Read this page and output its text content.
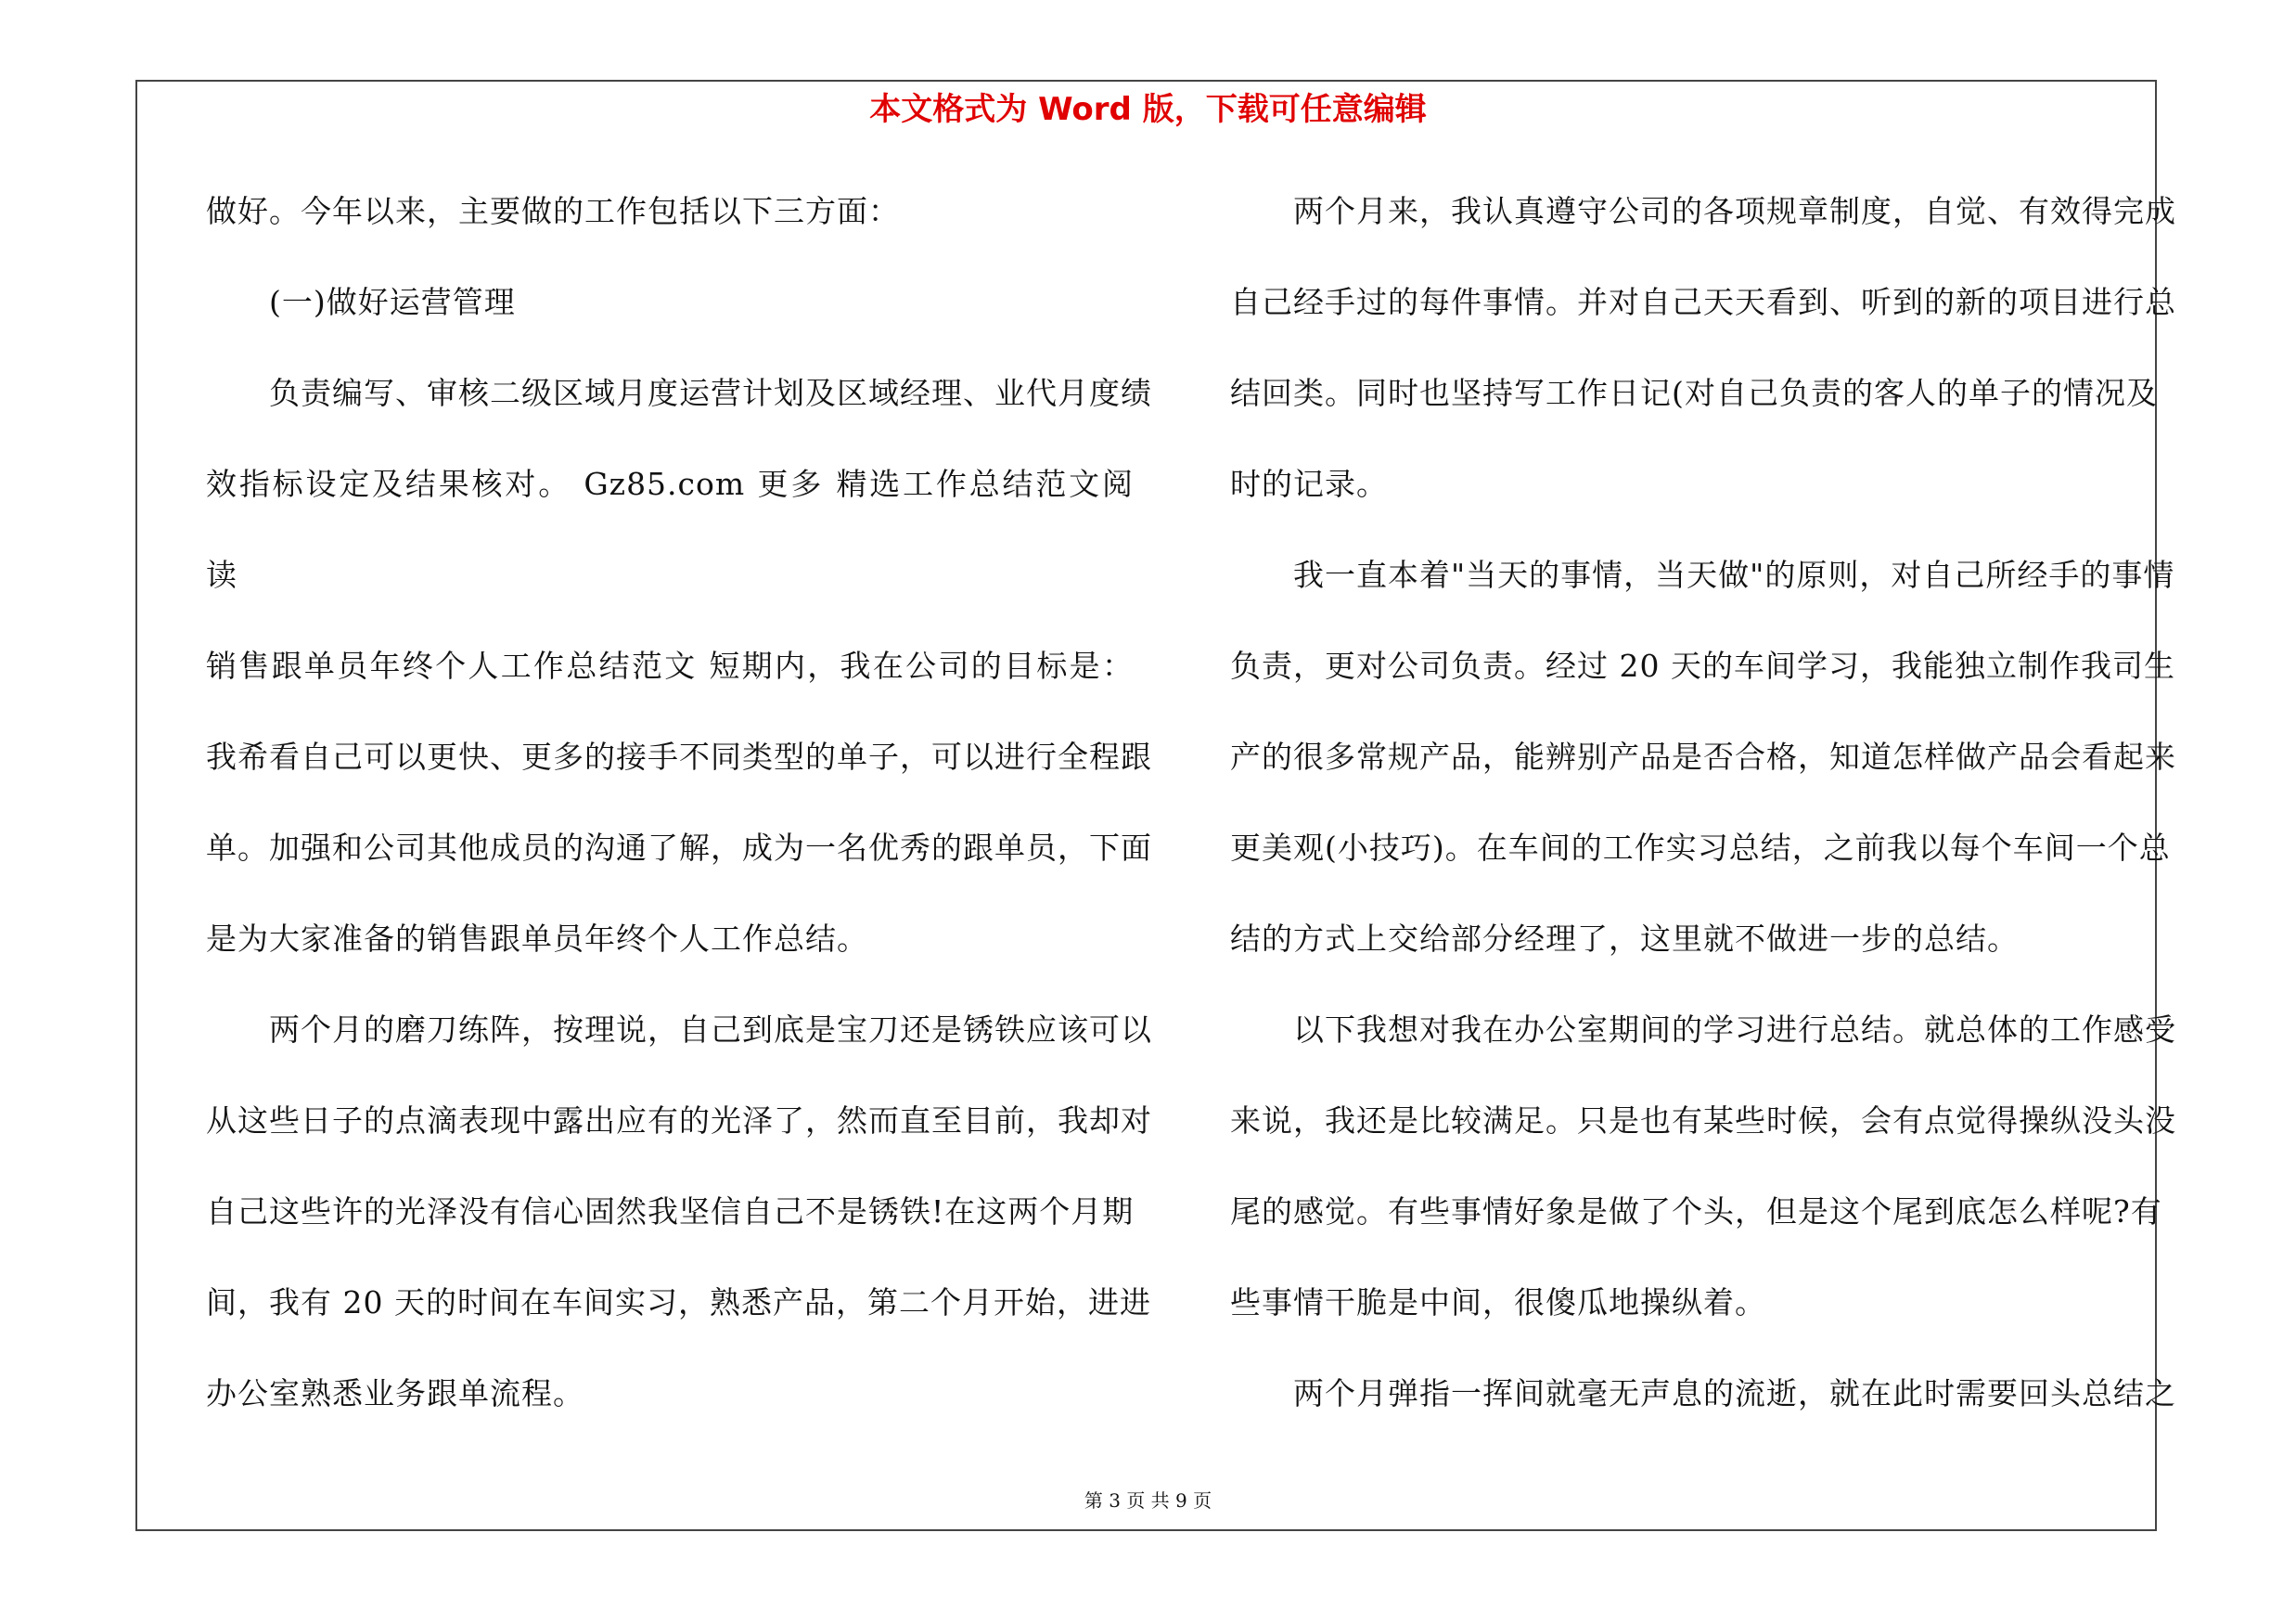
本文格式为 Word 版，下载可任意编辑
做好。今年以来，主要做的工作包括以下三方面：
(一)做好运营管理
负责编写、审核二级区域月度运营计划及区域经理、业代月度绩
效指标设定及结果核对。 Gz85.com 更多 精选工作总结范文阅
读
销售跟单员年终个人工作总结范文 短期内，我在公司的目标是：
我希看自己可以更快、更多的接手不同类型的单子，可以进行全程跟
单。加强和公司其他成员的沟通了解，成为一名优秀的跟单员，下面
是为大家准备的销售跟单员年终个人工作总结。
两个月的磨刀练阵，按理说，自己到底是宝刀还是锈铁应该可以
从这些日子的点滴表现中露出应有的光泽了，然而直至目前，我却对
自己这些许的光泽没有信心固然我坚信自己不是锈铁!在这两个月期
间，我有 20 天的时间在车间实习，熟悉产品，第二个月开始，进进
办公室熟悉业务跟单流程。
两个月来，我认真遵守公司的各项规章制度，自觉、有效得完成
自己经手过的每件事情。并对自己天天看到、听到的新的项目进行总
结回类。同时也坚持写工作日记(对自己负责的客人的单子的情况及
时的记录。
我一直本着"当天的事情，当天做"的原则，对自己所经手的事情
负责，更对公司负责。经过 20 天的车间学习，我能独立制作我司生
产的很多常规产品，能辨别产品是否合格，知道怎样做产品会看起来
更美观(小技巧)。在车间的工作实习总结，之前我以每个车间一个总
结的方式上交给部分经理了，这里就不做进一步的总结。
以下我想对我在办公室期间的学习进行总结。就总体的工作感受
来说，我还是比较满足。只是也有某些时候，会有点觉得操纵没头没
尾的感觉。有些事情好象是做了个头，但是这个尾到底怎么样呢?有
些事情干脆是中间，很傻瓜地操纵着。
两个月弹指一挥间就毫无声息的流逝，就在此时需要回头总结之
第 3 页 共 9 页
